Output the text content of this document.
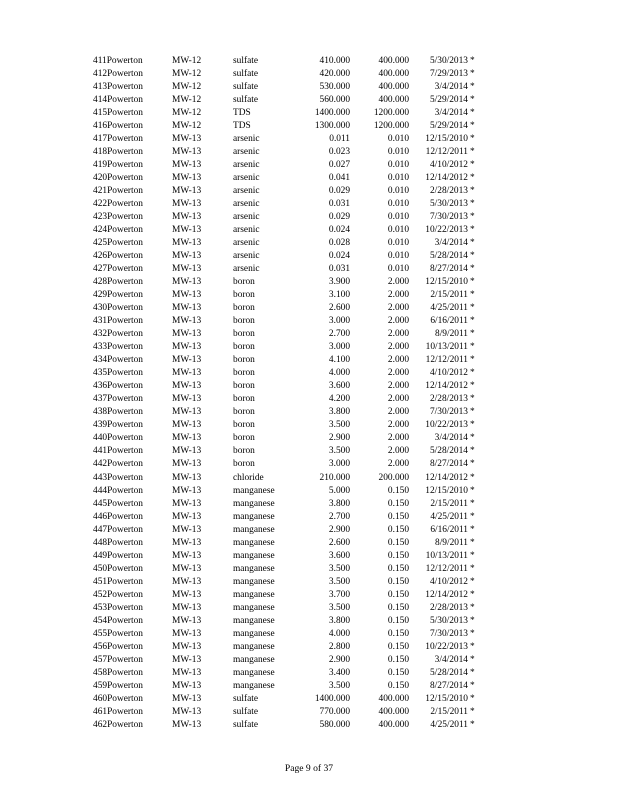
411Powerton	MW-12	sulfate	410.000	400.000 5/30/2013 *
412Powerton	MW-12	sulfate	420.000	400.000 7/29/2013 *
413Powerton	MW-12	sulfate	530.000	400.000	3/4/2014 *
414Powerton	MW-12	sulfate	560.000	400.000 5/29/2014 *
415Powerton	MW-12	TDS	1400.000	1200.000	3/4/2014 *
416Powerton	MW-12	TDS	1300.000	1200.000 5/29/2014 *
417Powerton	MW-13	arsenic	0.011	0.010 12/15/2010 *
418Powerton	MW-13	arsenic	0.023	0.010 12/12/2011 *
419Powerton	MW-13	arsenic	0.027	0.010 4/10/2012 *
420Powerton	MW-13	arsenic	0.041	0.010 12/14/2012 *
421Powerton	MW-13	arsenic	0.029	0.010 2/28/2013 *
422Powerton	MW-13	arsenic	0.031	0.010 5/30/2013 *
423Powerton	MW-13	arsenic	0.029	0.010 7/30/2013 *
424Powerton	MW-13	arsenic	0.024	0.010 10/22/2013 *
425Powerton	MW-13	arsenic	0.028	0.010	3/4/2014 *
426Powerton	MW-13	arsenic	0.024	0.010 5/28/2014 *
427Powerton	MW-13	arsenic	0.031	0.010 8/27/2014 *
428Powerton	MW-13	boron	3.900	2.000 12/15/2010 *
429Powerton	MW-13	boron	3.100	2.000 2/15/2011 *
430Powerton	MW-13	boron	2.600	2.000 4/25/2011 *
431Powerton	MW-13	boron	3.000	2.000 6/16/2011 *
432Powerton	MW-13	boron	2.700	2.000	8/9/2011 *
433Powerton	MW-13	boron	3.000	2.000 10/13/2011 *
434Powerton	MW-13	boron	4.100	2.000 12/12/2011 *
435Powerton	MW-13	boron	4.000	2.000 4/10/2012 *
436Powerton	MW-13	boron	3.600	2.000 12/14/2012 *
437Powerton	MW-13	boron	4.200	2.000 2/28/2013 *
438Powerton	MW-13	boron	3.800	2.000 7/30/2013 *
439Powerton	MW-13	boron	3.500	2.000 10/22/2013 *
440Powerton	MW-13	boron	2.900	2.000	3/4/2014 *
441Powerton	MW-13	boron	3.500	2.000 5/28/2014 *
442Powerton	MW-13	boron	3.000	2.000 8/27/2014 *
443Powerton	MW-13	chloride	210.000	200.000 12/14/2012 *
444Powerton	MW-13	manganese	5.000	0.150 12/15/2010 *
445Powerton	MW-13	manganese	3.800	0.150 2/15/2011 *
446Powerton	MW-13	manganese	2.700	0.150 4/25/2011 *
447Powerton	MW-13	manganese	2.900	0.150 6/16/2011 *
448Powerton	MW-13	manganese	2.600	0.150	8/9/2011 *
449Powerton	MW-13	manganese	3.600	0.150 10/13/2011 *
450Powerton	MW-13	manganese	3.500	0.150 12/12/2011 *
451Powerton	MW-13	manganese	3.500	0.150 4/10/2012 *
452Powerton	MW-13	manganese	3.700	0.150 12/14/2012 *
453Powerton	MW-13	manganese	3.500	0.150 2/28/2013 *
454Powerton	MW-13	manganese	3.800	0.150 5/30/2013 *
455Powerton	MW-13	manganese	4.000	0.150 7/30/2013 *
456Powerton	MW-13	manganese	2.800	0.150 10/22/2013 *
457Powerton	MW-13	manganese	2.900	0.150	3/4/2014 *
458Powerton	MW-13	manganese	3.400	0.150 5/28/2014 *
459Powerton	MW-13	manganese	3.500	0.150 8/27/2014 *
460Powerton	MW-13	sulfate	1400.000	400.000 12/15/2010 *
461Powerton	MW-13	sulfate	770.000	400.000 2/15/2011 *
462Powerton	MW-13	sulfate	580.000	400.000 4/25/2011 *
Page 9 of 37
